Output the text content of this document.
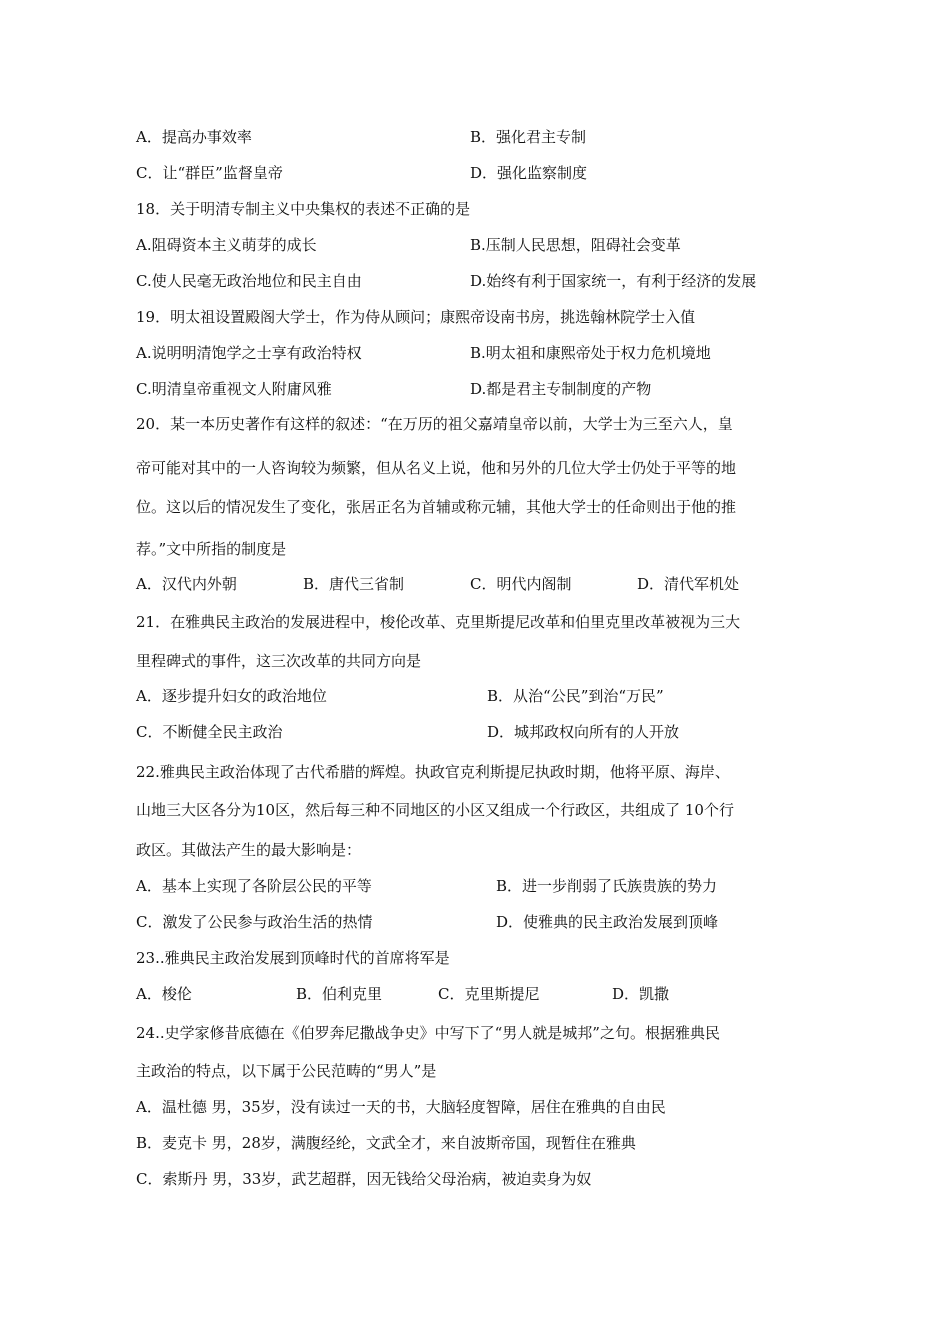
A．提高办事效率	B．强化君主专制
C．让“群臣”监督皇帝	D．强化监察制度
18．关于明清专制主义中央集权的表述不正确的是
A.阻碍资本主义萌芽的成长	B.压制人民思想，阻碍社会变革
C.使人民毫无政治地位和民主自由	D.始终有利于国家统一，有利于经济的发展
19．明太祖设置殿阁大学士，作为侍从顾问；康熙帝设南书房，挑选翰林院学士入值
A.说明明清饱学之士享有政治特权	B.明太祖和康熙帝处于权力危机境地
C.明清皇帝重视文人附庸风雅	D.都是君主专制制度的产物
20．某一本历史著作有这样的叙述：“在万历的祖父嘉靖皇帝以前，大学士为三至六人，皇
帝可能对其中的一人咨询较为频繁，但从名义上说，他和另外的几位大学士仍处于平等的地
位。这以后的情况发生了变化，张居正名为首辅或称元辅，其他大学士的任命则出于他的推
荐。”文中所指的制度是
A．汉代内外朝	B．唐代三省制	C．明代内阁制	D．清代军机处
21．在雅典民主政治的发展进程中，梭伦改革、克里斯提尼改革和伯里克里改革被视为三大
里程碑式的事件，这三次改革的共同方向是
A．逐步提升妇女的政治地位	B．从治“公民”到治“万民”
C．不断健全民主政治	D．城邦政权向所有的人开放
22.雅典民主政治体现了古代希腊的辉煌。执政官克利斯提尼执政时期，他将平原、海岸、
山地三大区各分为10区，然后每三种不同地区的小区又组成一个行政区，共组成了 10个行
政区。其做法产生的最大影响是：
A．基本上实现了各阶层公民的平等	B．进一步削弱了氏族贵族的势力
C．激发了公民参与政治生活的热情	D．使雅典的民主政治发展到顶峰
23..雅典民主政治发展到顶峰时代的首席将军是
A．梭伦	B．伯利克里	C．克里斯提尼	D．凯撒
24..史学家修昔底德在《伯罗奔尼撒战争史》中写下了“男人就是城邦”之句。根据雅典民
主政治的特点，以下属于公民范畴的“男人”是
A．温杜德 男，35岁，没有读过一天的书，大脑轻度智障，居住在雅典的自由民
B．麦克卡 男，28岁，满腹经纶，文武全才，来自波斯帝国，现暂住在雅典
C．索斯丹 男，33岁，武艺超群，因无钱给父母治病，被迫卖身为奴
